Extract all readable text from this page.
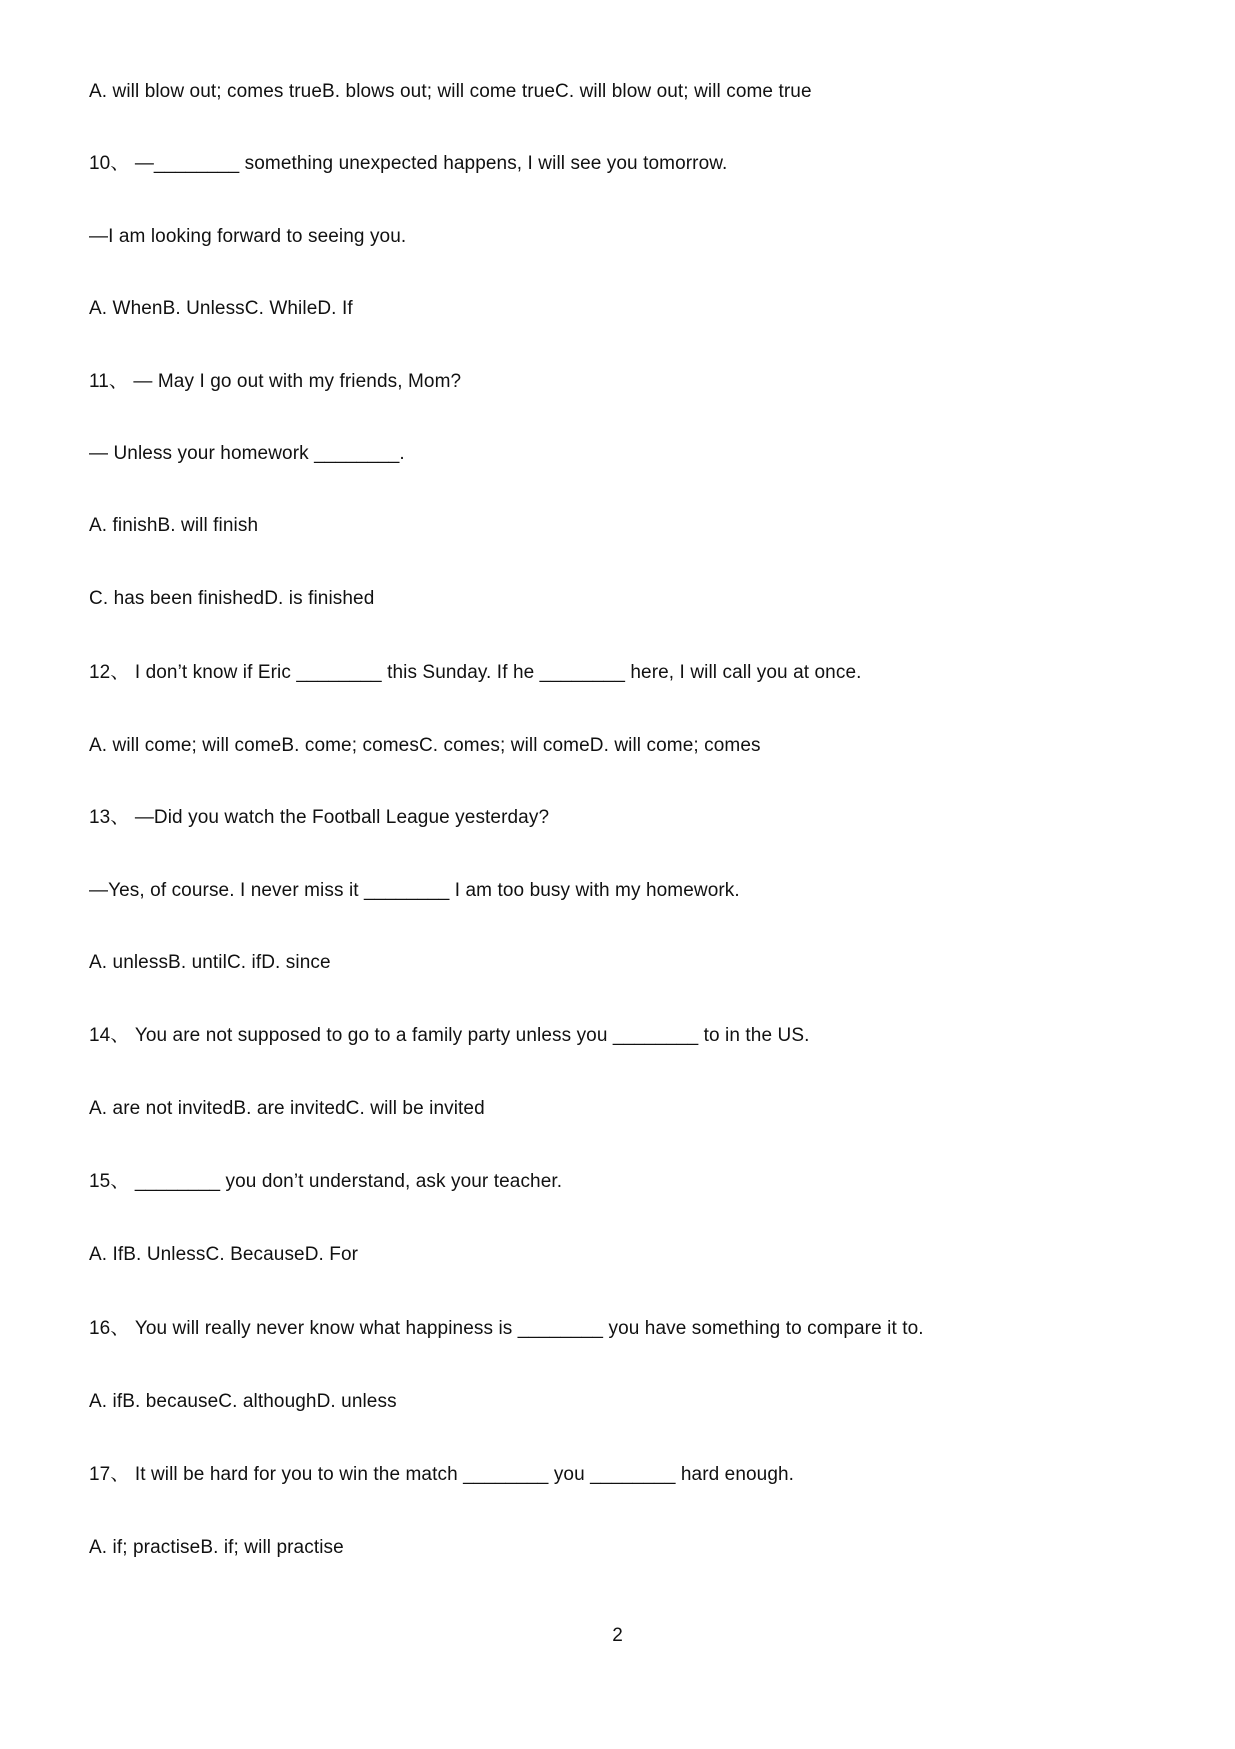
A. will blow out; comes trueB. blows out; will come trueC. will blow out; will come true

10、 —________ something unexpected happens, I will see you tomorrow.

—I am looking forward to seeing you.

A. WhenB. UnlessC. WhileD. If

11、 — May I go out with my friends, Mom?

— Unless your homework ________.

A. finishB. will finish

C. has been finishedD. is finished

12、 I don’t know if Eric ________ this Sunday. If he ________ here, I will call you at once.

A. will come; will comeB. come; comesC. comes; will comeD. will come; comes

13、 —Did you watch the Football League yesterday?

—Yes, of course. I never miss it ________ I am too busy with my homework.

A. unlessB. untilC. ifD. since

14、 You are not supposed to go to a family party unless you ________ to in the US.

A. are not invitedB. are invitedC. will be invited

15、 ________ you don’t understand, ask your teacher.

A. IfB. UnlessC. BecauseD. For

16、 You will really never know what happiness is ________ you have something to compare it to.

A. ifB. becauseC. althoughD. unless

17、 It will be hard for you to win the match ________ you ________ hard enough.

A. if; practiseB. if; will practise

2
